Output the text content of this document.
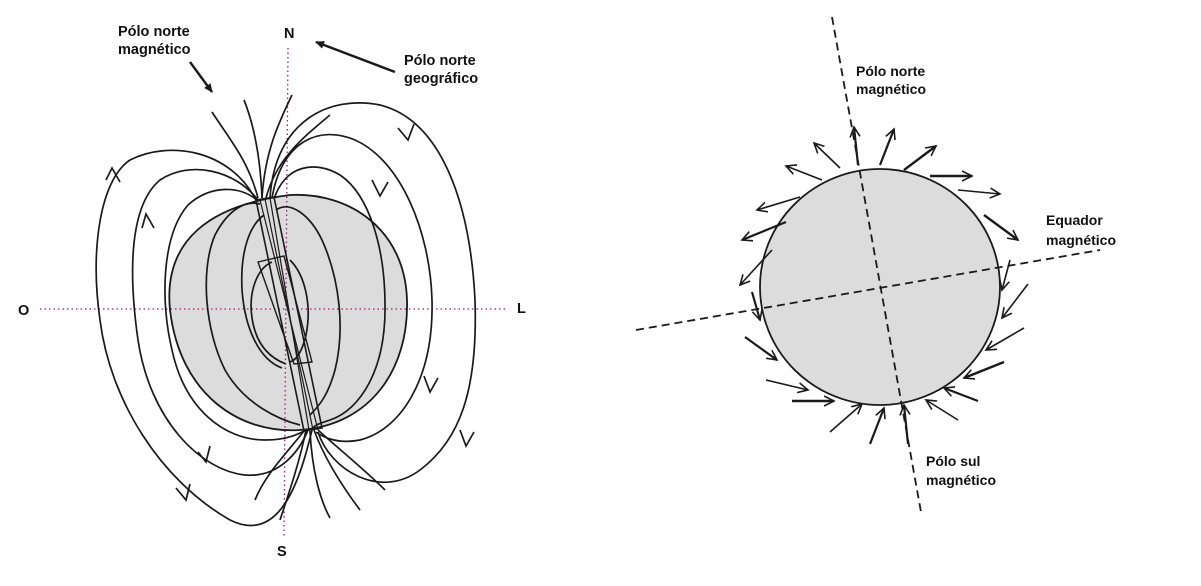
N
S
O	L
Pólo norte magnético
Pólo norte geográfico	Pólo norte magnético
Equador magnético
Pólo sul magnético
